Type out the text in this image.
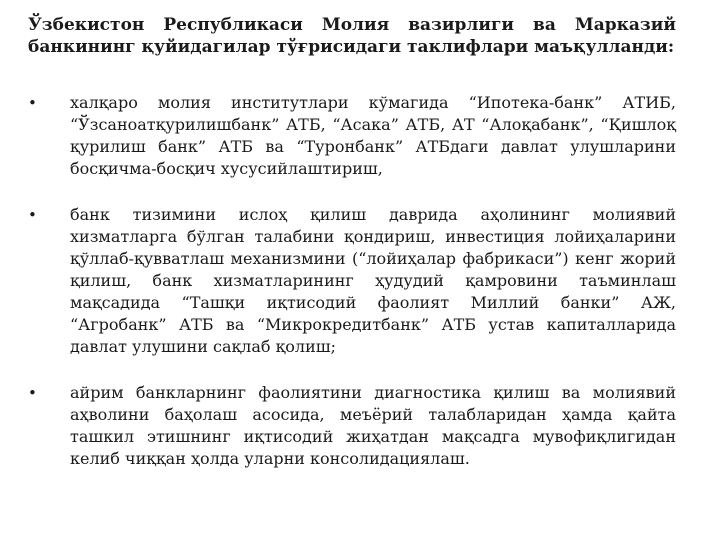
Ўзбекистон Республикаси Молия вазирлиги ва Марказий банкининг қуйидагилар тўғрисидаги таклифлари маъқулланди:

•	халқаро молия институтлари кўмагида “Ипотека-банк” АТИБ, “Ўзсаноатқурилишбанк” АТБ, “Асака” АТБ, АТ “Алоқабанк”, “Қишлоқ қурилиш банк” АТБ ва “Туронбанк” АТБдаги давлат улушларини босқичма-босқич хусусийлаштириш,
•	банк тизимини ислоҳ қилиш даврида аҳолининг молиявий хизматларга бўлган талабини қондириш, инвестиция лойиҳаларини қўллаб-қувватлаш механизмини (“лойиҳалар фабрикаси”) кенг жорий қилиш, банк хизматларининг ҳудудий қамровини таъминлаш мақсадида “Ташқи иқтисодий фаолият Миллий банки” АЖ, “Агробанк” АТБ ва “Микрокредитбанк” АТБ устав капиталларида давлат улушини сақлаб қолиш;
•	айрим банкларнинг фаолиятини диагностика қилиш ва молиявий аҳволини баҳолаш асосида, меъёрий талабларидан ҳамда қайта ташкил этишнинг иқтисодий жиҳатдан мақсадга мувофиқлигидан келиб чиққан ҳолда уларни консолидациялаш.
